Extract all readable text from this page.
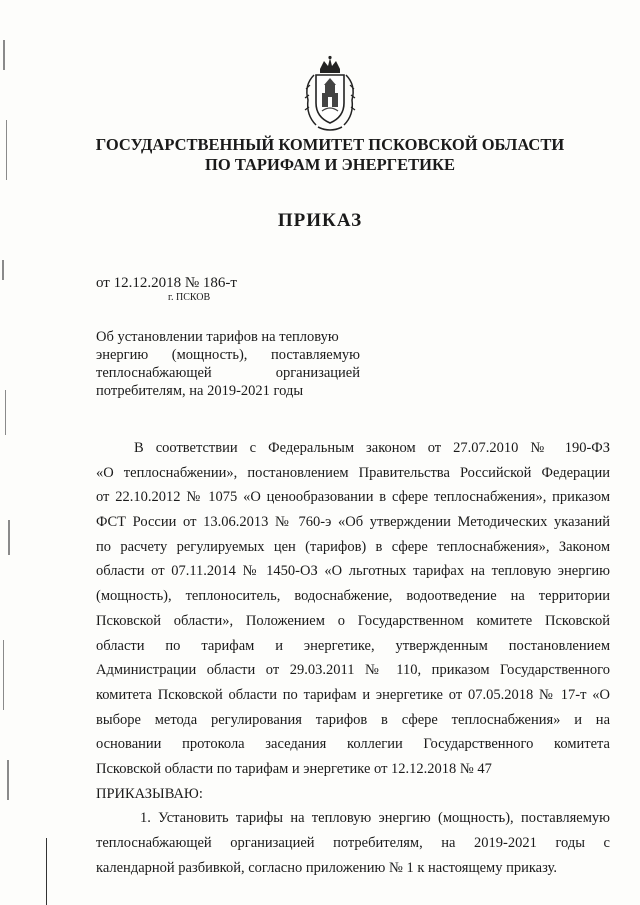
ГОСУДАРСТВЕННЫЙ КОМИТЕТ ПСКОВСКОЙ ОБЛАСТИ
ПО ТАРИФАМ И ЭНЕРГЕТИКЕ
ПРИКАЗ
от 12.12.2018 № 186-т
г. ПСКОВ
Об установлении тарифов на тепловую
энергию (мощность), поставляемую
теплоснабжающей организацией
потребителям, на 2019-2021 годы
В соответствии с Федеральным законом от 27.07.2010 № 190-ФЗ
«О теплоснабжении», постановлением Правительства Российской Федерации
от 22.10.2012 № 1075 «О ценообразовании в сфере теплоснабжения», приказом
ФСТ России от 13.06.2013 № 760-э «Об утверждении Методических указаний
по расчету регулируемых цен (тарифов) в сфере теплоснабжения», Законом
области от 07.11.2014 № 1450-ОЗ «О льготных тарифах на тепловую энергию
(мощность), теплоноситель, водоснабжение, водоотведение на территории
Псковской области», Положением о Государственном комитете Псковской
области по тарифам и энергетике, утвержденным постановлением
Администрации области от 29.03.2011 № 110, приказом Государственного
комитета Псковской области по тарифам и энергетике от 07.05.2018 № 17-т «О
выборе метода регулирования тарифов в сфере теплоснабжения» и на
основании протокола заседания коллегии Государственного комитета
Псковской области по тарифам и энергетике от 12.12.2018 № 47
ПРИКАЗЫВАЮ:
1. Установить тарифы на тепловую энергию (мощность), поставляемую
теплоснабжающей организацией потребителям, на 2019-2021 годы с
календарной разбивкой, согласно приложению № 1 к настоящему приказу.
